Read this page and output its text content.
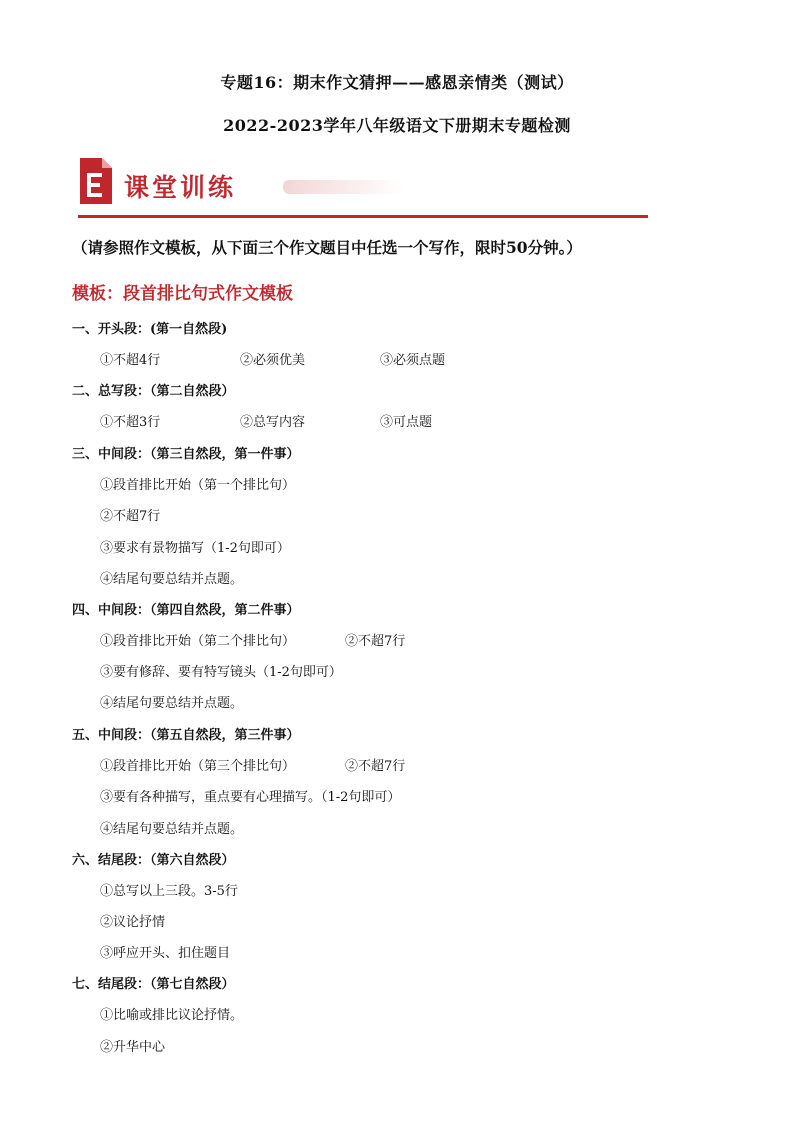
专题16：期末作文猜押——感恩亲情类（测试）
2022-2023学年八年级语文下册期末专题检测
课堂训练
（请参照作文模板，从下面三个作文题目中任选一个写作，限时50分钟。）
模板：段首排比句式作文模板
一、开头段：(第一自然段)
①不超4行	②必须优美	③必须点题
二、总写段：（第二自然段）
①不超3行	②总写内容	③可点题
三、中间段：（第三自然段，第一件事）
①段首排比开始（第一个排比句）
②不超7行
③要求有景物描写（1-2句即可）
④结尾句要总结并点题。
四、中间段：（第四自然段，第二件事）
①段首排比开始（第二个排比句）	②不超7行
③要有修辞、要有特写镜头（1-2句即可）
④结尾句要总结并点题。
五、中间段：（第五自然段，第三件事）
①段首排比开始（第三个排比句）	②不超7行
③要有各种描写，重点要有心理描写。（1-2句即可）
④结尾句要总结并点题。
六、结尾段：（第六自然段）
①总写以上三段。3-5行
②议论抒情
③呼应开头、扣住题目
七、结尾段：（第七自然段）
①比喻或排比议论抒情。
②升华中心
